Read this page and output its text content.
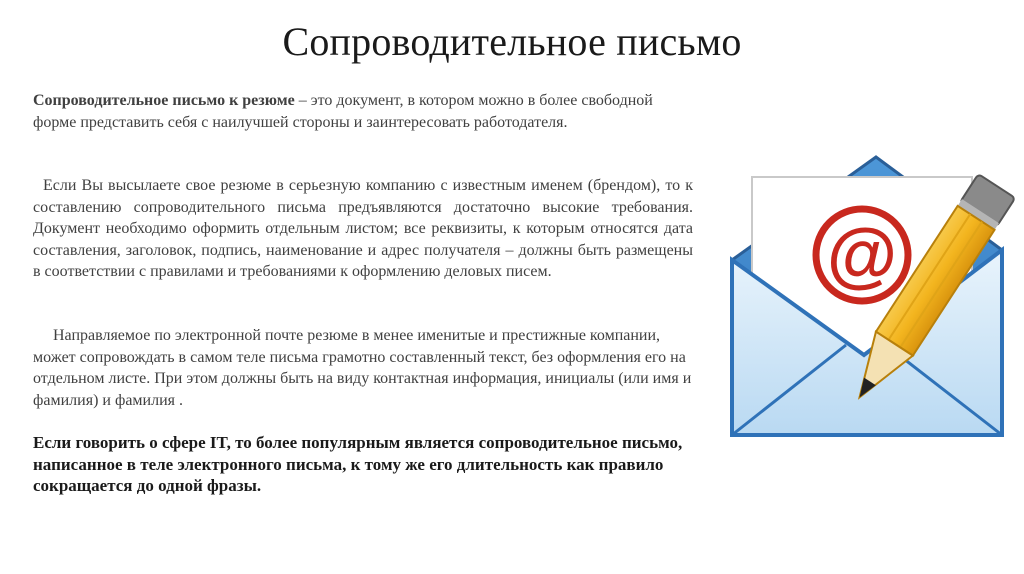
Сопроводительное письмо
Сопроводительное письмо к резюме – это документ, в котором можно в более свободной форме представить себя с наилучшей стороны и заинтересовать работодателя.
Если Вы высылаете свое резюме в серьезную компанию с известным именем (брендом), то к составлению сопроводительного письма предъявляются достаточно высокие требования. Документ необходимо оформить отдельным листом; все реквизиты, к которым относятся дата составления, заголовок, подпись, наименование и адрес получателя – должны быть размещены в соответствии с правилами и требованиями к оформлению деловых писем.
Направляемое по электронной почте резюме в менее именитые и престижные компании, может сопровождать в самом теле письма грамотно составленный текст, без оформления его на отдельном листе. При этом должны быть на виду контактная информация, инициалы (или имя и фамилия) и фамилия .
Если говорить о сфере IT, то более популярным является сопроводительное письмо, написанное в теле электронного письма, к тому же его длительность как правило сокращается до одной фразы.
@
